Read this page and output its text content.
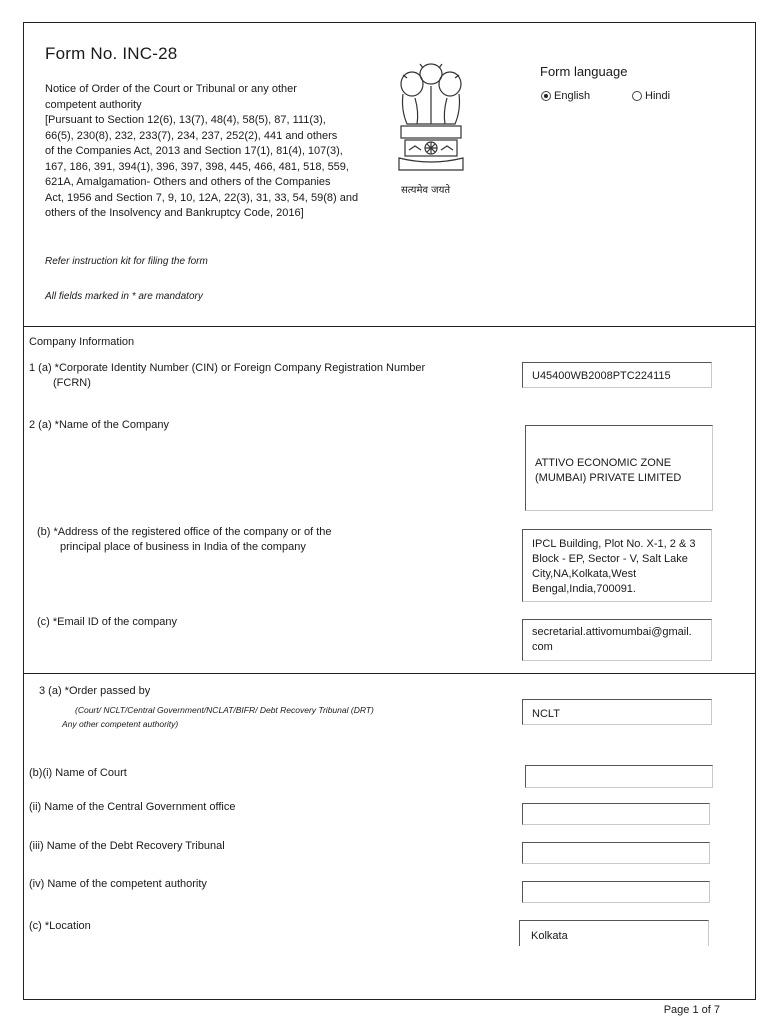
Form No. INC-28
Notice of Order of the Court or Tribunal or any other
competent authority
[Pursuant to Section 12(6), 13(7), 48(4), 58(5), 87, 111(3),
66(5), 230(8), 232, 233(7), 234, 237, 252(2), 441 and others
of the Companies Act, 2013 and Section 17(1), 81(4), 107(3),
167, 186, 391, 394(1), 396, 397, 398, 445, 466, 481, 518, 559,
621A, Amalgamation- Others and others of the Companies
Act, 1956 and Section 7, 9, 10, 12A, 22(3), 31, 33, 54, 59(8) and
others of the Insolvency and Bankruptcy Code, 2016]
Refer instruction kit for filing the form
All fields marked in * are mandatory
सत्यमेव जयते
Form language
English	Hindi
Company Information
1 (a) *Corporate Identity Number (CIN) or Foreign Company Registration Number
(FCRN)
U45400WB2008PTC224115
2 (a) *Name of the Company
ATTIVO ECONOMIC ZONE
(MUMBAI) PRIVATE LIMITED
(b) *Address of the registered office of the company or of the
principal place of business in India of the company	IPCL Building, Plot No. X-1, 2 & 3
Block - EP, Sector - V, Salt Lake
City,NA,Kolkata,West
Bengal,India,700091.
(c) *Email ID of the company
secretarial.attivomumbai@gmail.
com
3 (a) *Order passed by
(Court/ NCLT/Central Government/NCLAT/BIFR/ Debt Recovery Tribunal (DRT)
Any other competent authority)
NCLT
(b)(i) Name of Court
(ii) Name of the Central Government office
(iii) Name of the Debt Recovery Tribunal
(iv) Name of the competent authority
(c) *Location
Kolkata
Page 1 of 7
